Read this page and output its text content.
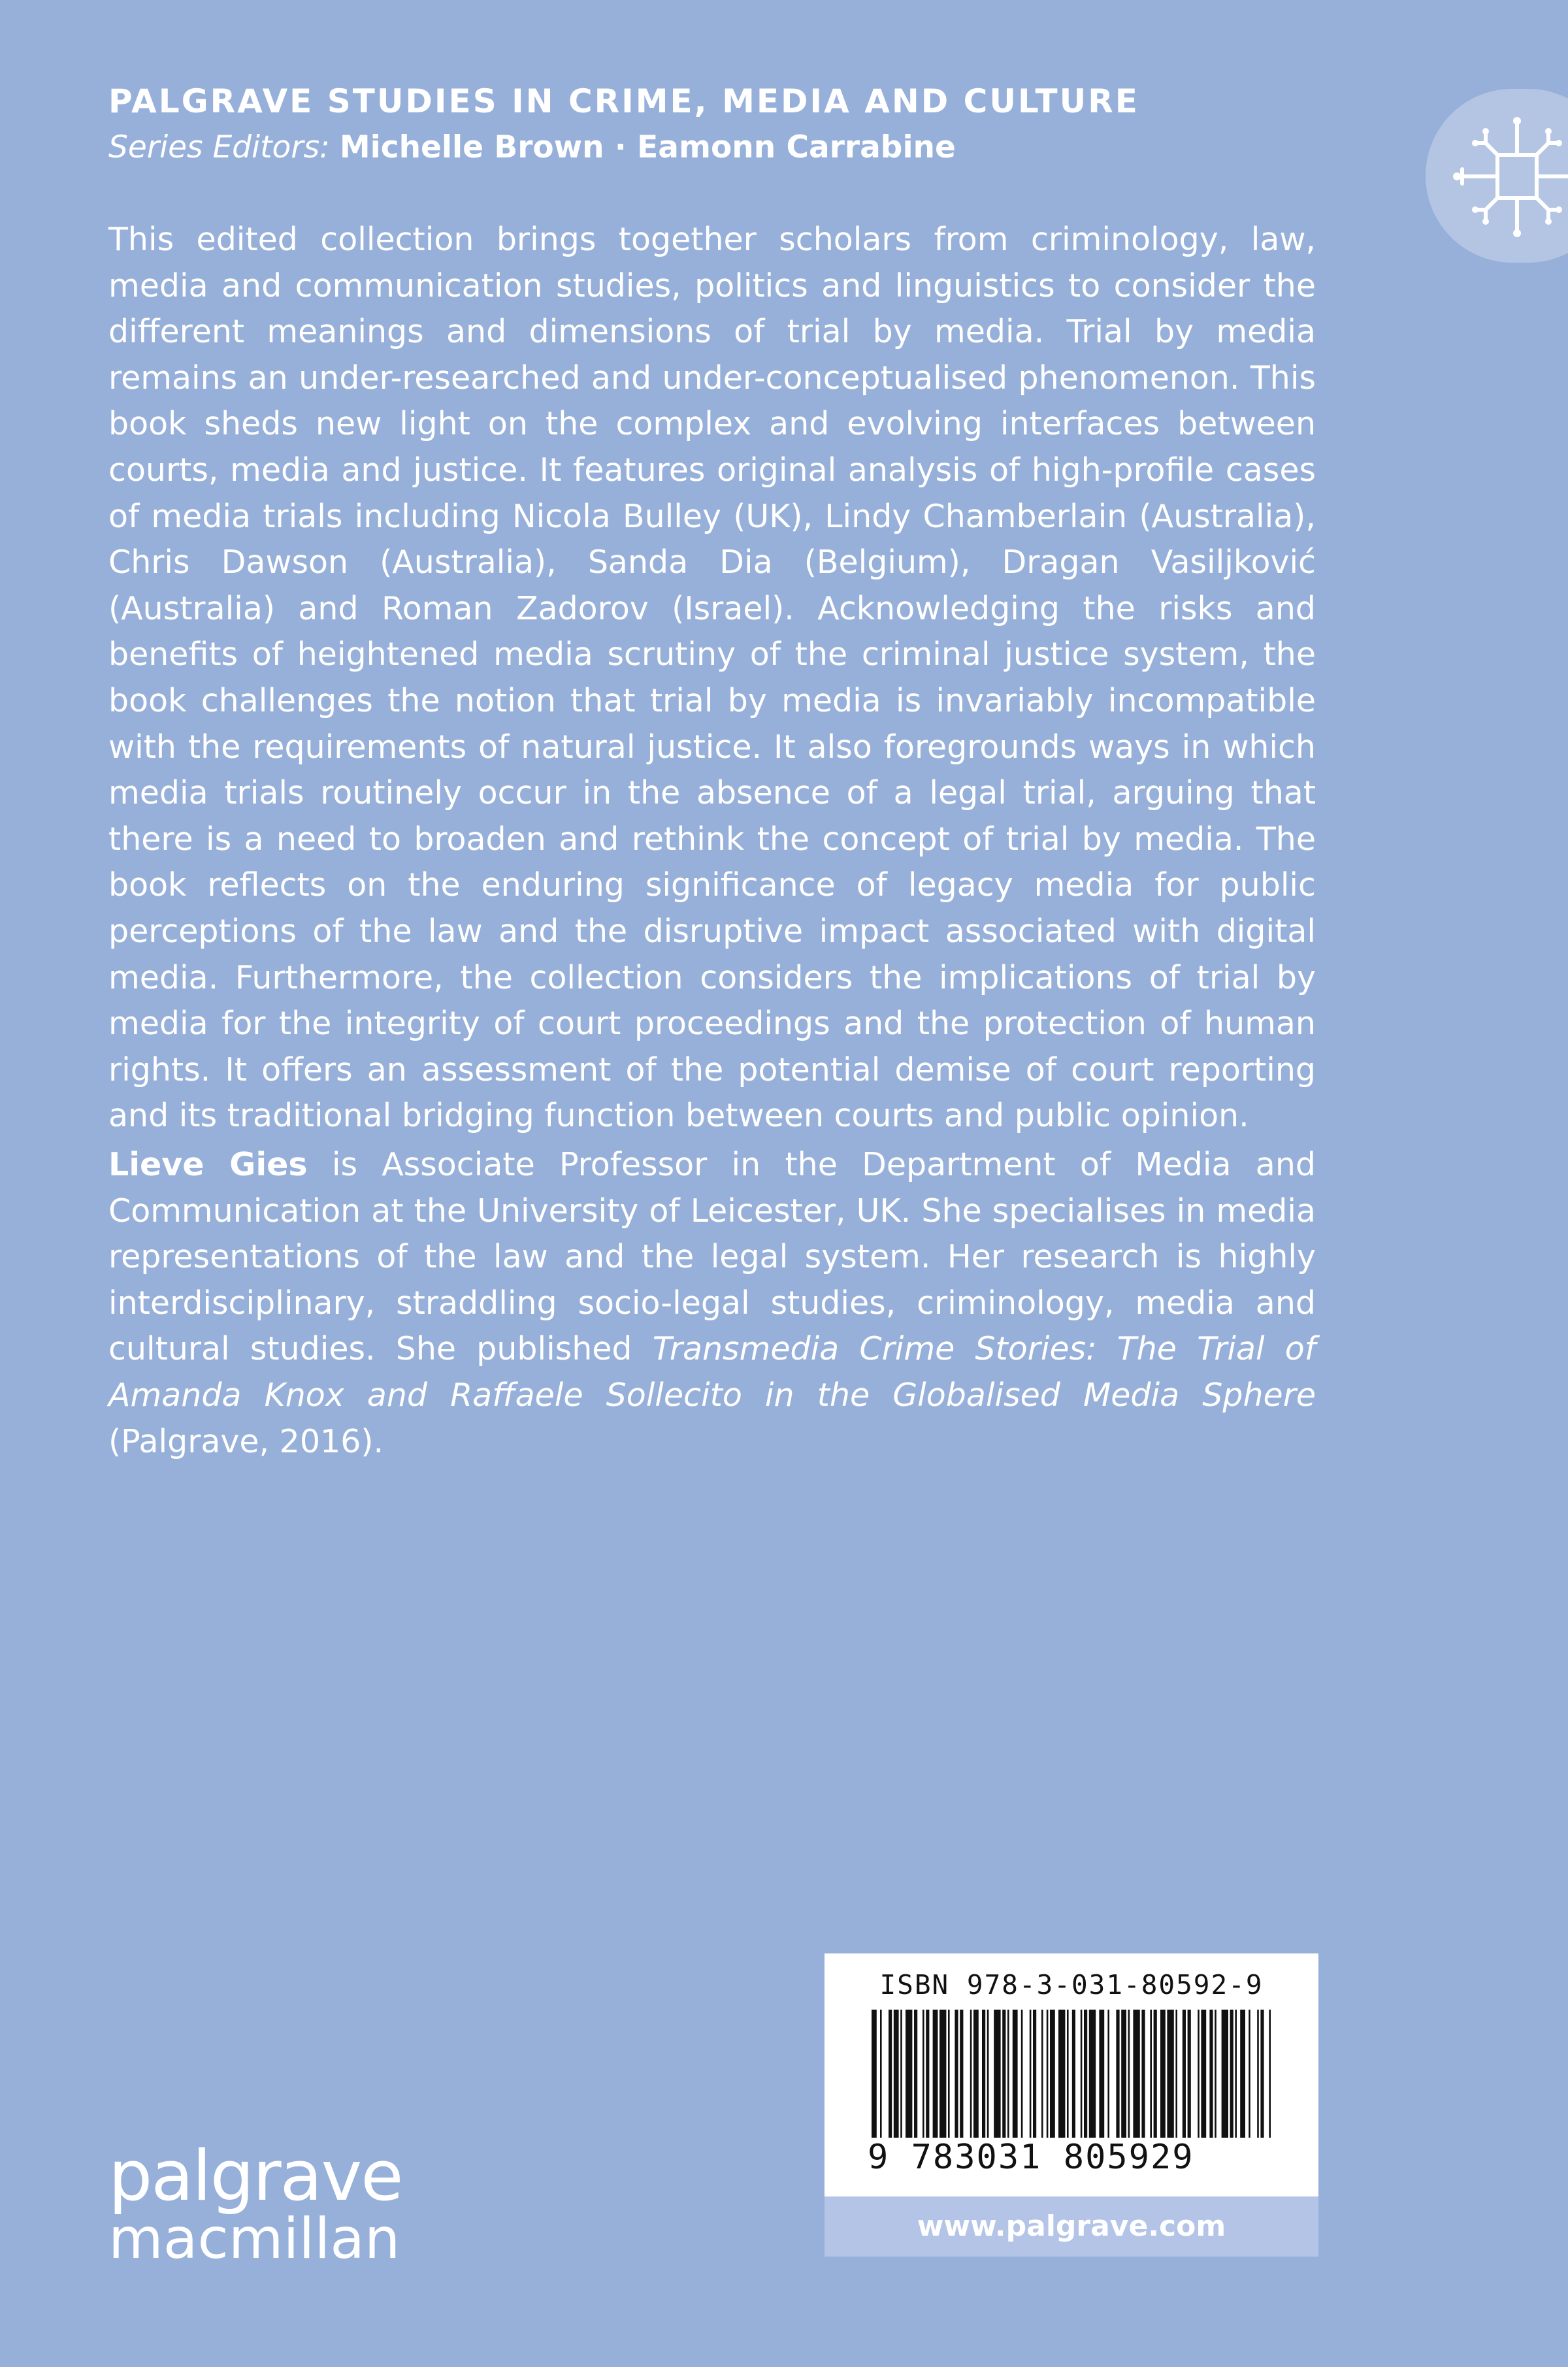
PALGRAVE STUDIES IN CRIME, MEDIA AND CULTURE

Series Editors: Michelle Brown · Eamonn Carrabine

This edited collection brings together scholars from criminology, law, media and communication studies, politics and linguistics to consider the different meanings and dimensions of trial by media. Trial by media remains an under-researched and under-conceptualised phenomenon. This book sheds new light on the complex and evolving interfaces between courts, media and justice. It features original analysis of high-profile cases of media trials including Nicola Bulley (UK), Lindy Chamberlain (Australia), Chris Dawson (Australia), Sanda Dia (Belgium), Dragan Vasiljković (Australia) and Roman Zadorov (Israel). Acknowledging the risks and benefits of heightened media scrutiny of the criminal justice system, the book challenges the notion that trial by media is invariably incompatible with the requirements of natural justice. It also foregrounds ways in which media trials routinely occur in the absence of a legal trial, arguing that there is a need to broaden and rethink the concept of trial by media. The book reflects on the enduring significance of legacy media for public perceptions of the law and the disruptive impact associated with digital media. Furthermore, the collection considers the implications of trial by media for the integrity of court proceedings and the protection of human rights. It offers an assessment of the potential demise of court reporting and its traditional bridging function between courts and public opinion.

Lieve Gies is Associate Professor in the Department of Media and Communication at the University of Leicester, UK. She specialises in media representations of the law and the legal system. Her research is highly interdisciplinary, straddling socio-legal studies, criminology, media and cultural studies. She published Transmedia Crime Stories: The Trial of Amanda Knox and Raffaele Sollecito in the Globalised Media Sphere (Palgrave, 2016).

palgrave
macmillan
ISBN 978-3-031-80592-9
9 783031 805929
www.palgrave.com
